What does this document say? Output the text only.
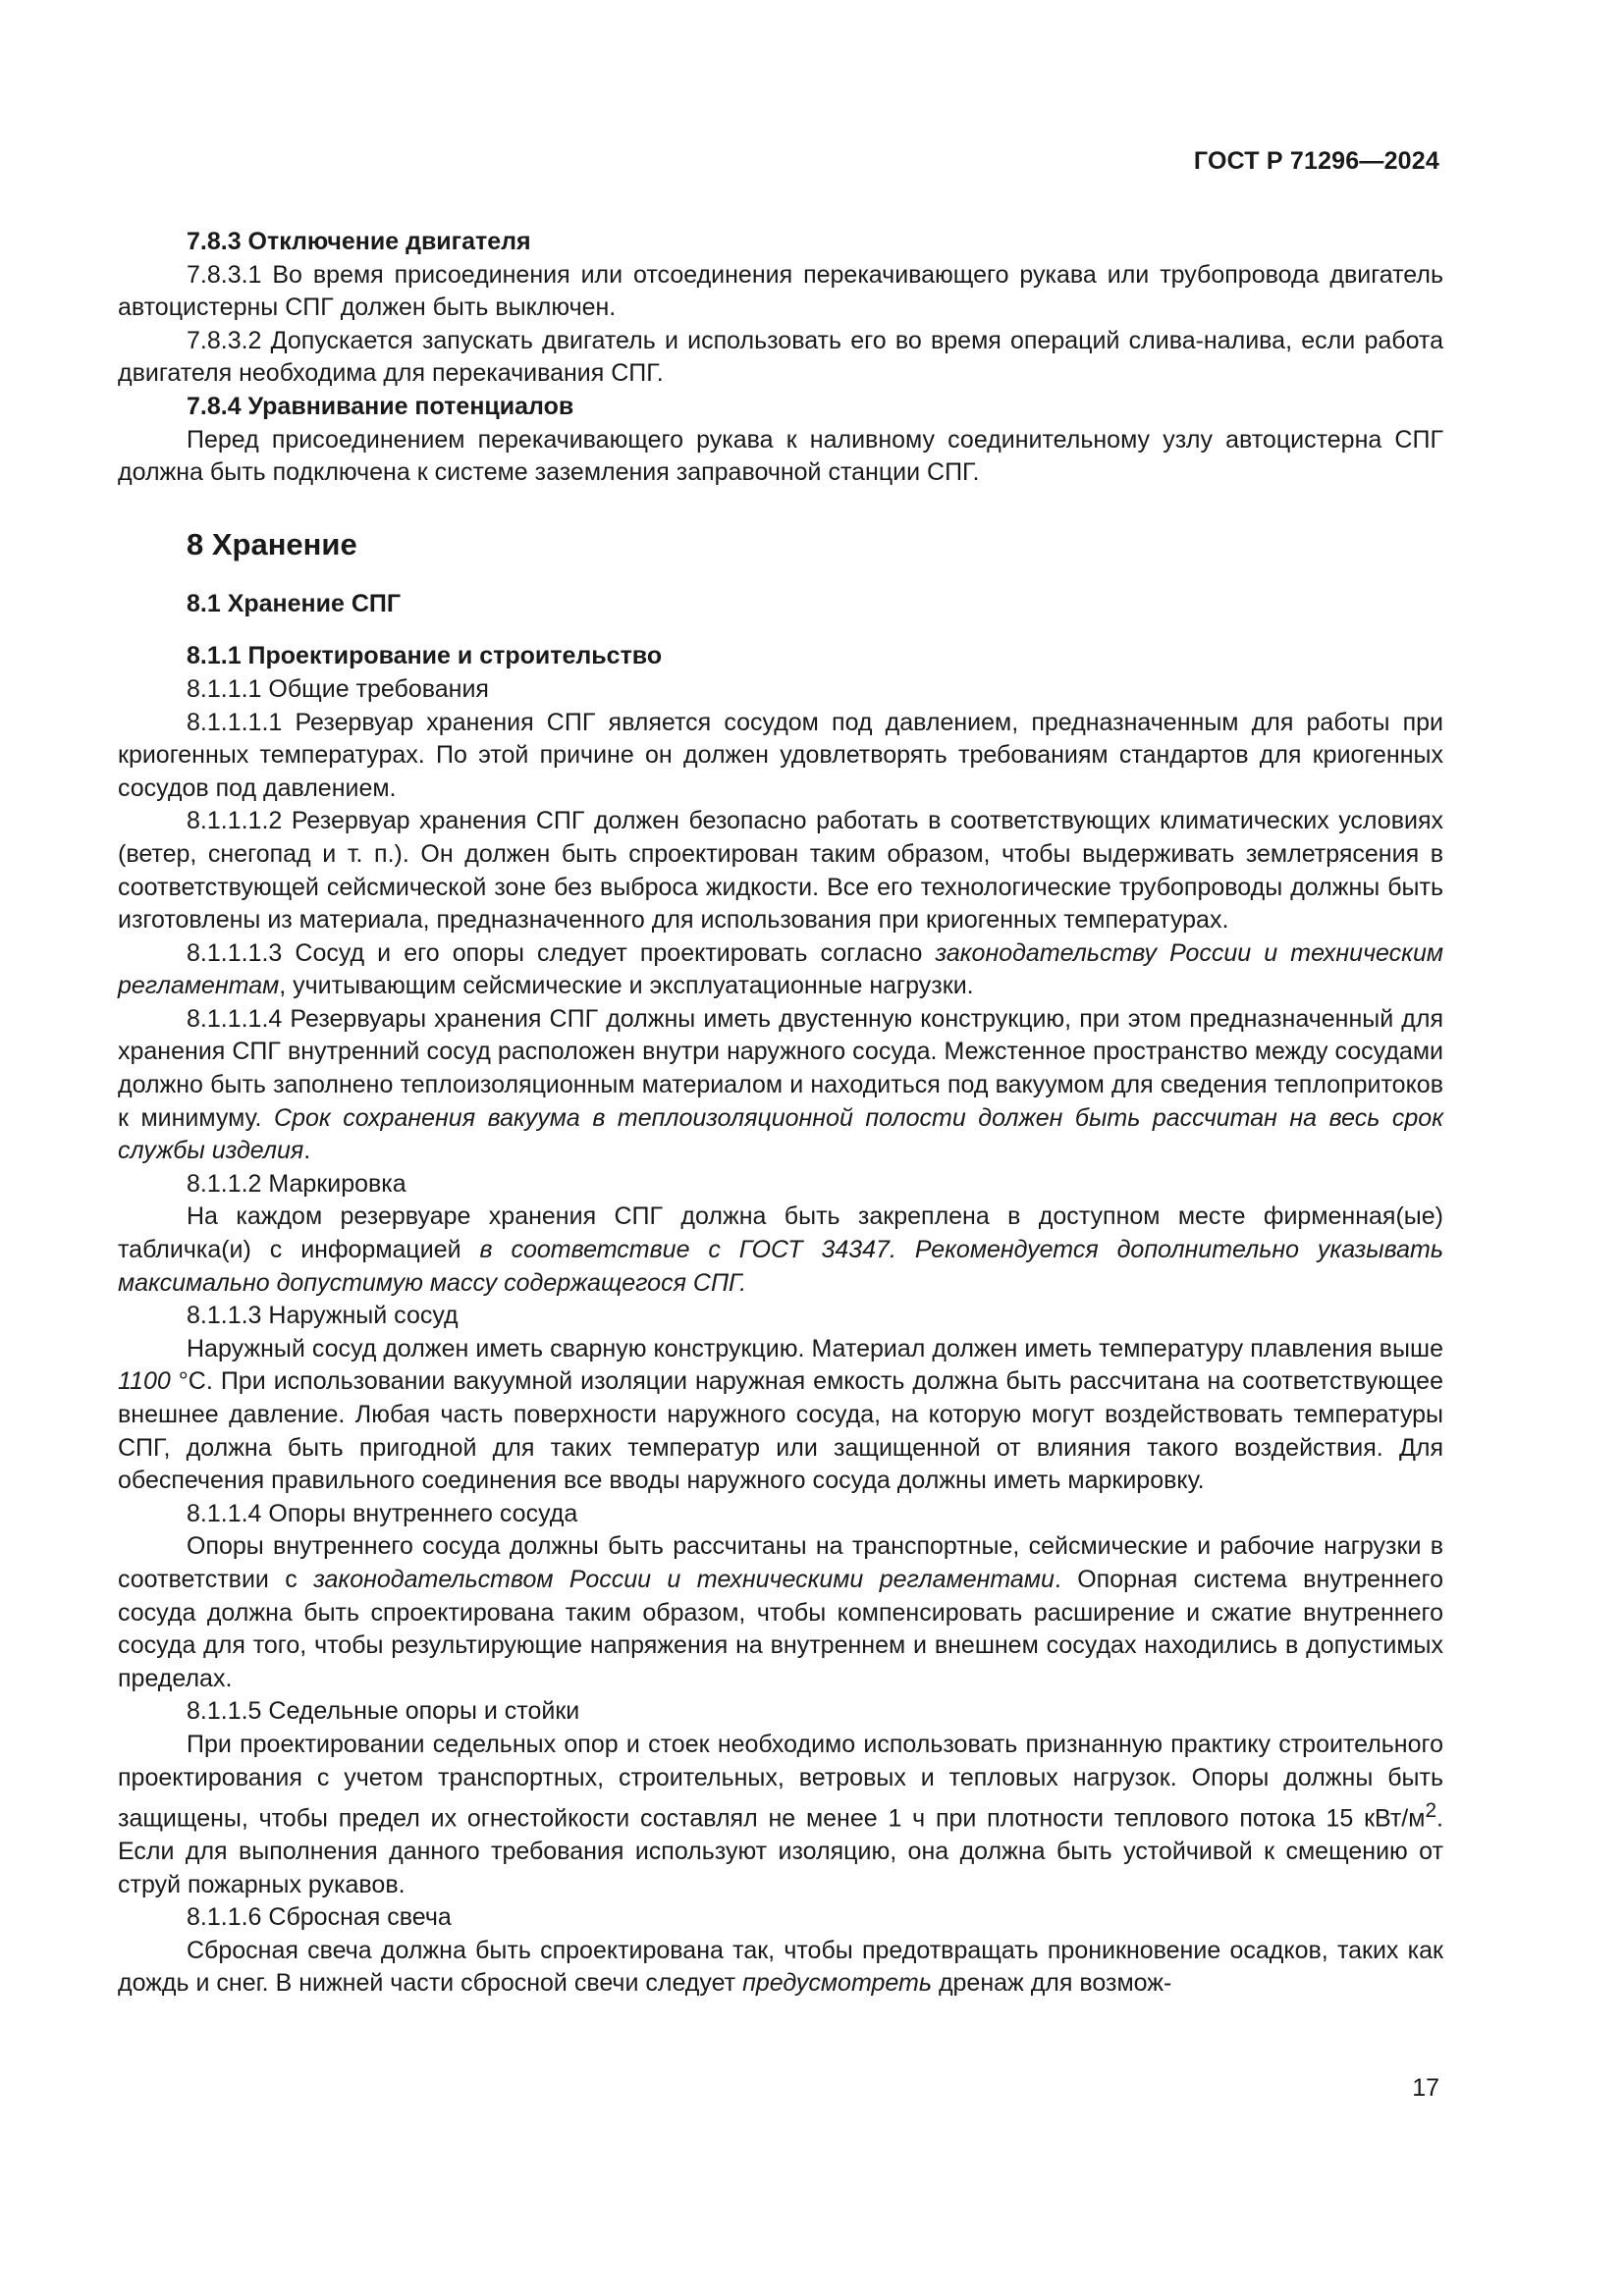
ГОСТ Р 71296—2024

7.8.3 Отключение двигателя

7.8.3.1 Во время присоединения или отсоединения перекачивающего рукава или трубопровода двигатель автоцистерны СПГ должен быть выключен.

7.8.3.2 Допускается запускать двигатель и использовать его во время операций слива-налива, если работа двигателя необходима для перекачивания СПГ.

7.8.4 Уравнивание потенциалов

Перед присоединением перекачивающего рукава к наливному соединительному узлу автоцистерна СПГ должна быть подключена к системе заземления заправочной станции СПГ.

8 Хранение

8.1 Хранение СПГ

8.1.1 Проектирование и строительство

8.1.1.1 Общие требования

8.1.1.1.1 Резервуар хранения СПГ является сосудом под давлением, предназначенным для работы при криогенных температурах. По этой причине он должен удовлетворять требованиям стандартов для криогенных сосудов под давлением.

8.1.1.1.2 Резервуар хранения СПГ должен безопасно работать в соответствующих климатических условиях (ветер, снегопад и т. п.). Он должен быть спроектирован таким образом, чтобы выдерживать землетрясения в соответствующей сейсмической зоне без выброса жидкости. Все его технологические трубопроводы должны быть изготовлены из материала, предназначенного для использования при криогенных температурах.

8.1.1.1.3 Сосуд и его опоры следует проектировать согласно законодательству России и техническим регламентам, учитывающим сейсмические и эксплуатационные нагрузки.

8.1.1.1.4 Резервуары хранения СПГ должны иметь двустенную конструкцию, при этом предназначенный для хранения СПГ внутренний сосуд расположен внутри наружного сосуда. Межстенное пространство между сосудами должно быть заполнено теплоизоляционным материалом и находиться под вакуумом для сведения теплопритоков к минимуму. Срок сохранения вакуума в теплоизоляционной полости должен быть рассчитан на весь срок службы изделия.

8.1.1.2 Маркировка

На каждом резервуаре хранения СПГ должна быть закреплена в доступном месте фирменная(ые) табличка(и) с информацией в соответствие с ГОСТ 34347. Рекомендуется дополнительно указывать максимально допустимую массу содержащегося СПГ.

8.1.1.3 Наружный сосуд

Наружный сосуд должен иметь сварную конструкцию. Материал должен иметь температуру плавления выше 1100 °C. При использовании вакуумной изоляции наружная емкость должна быть рассчитана на соответствующее внешнее давление. Любая часть поверхности наружного сосуда, на которую могут воздействовать температуры СПГ, должна быть пригодной для таких температур или защищенной от влияния такого воздействия. Для обеспечения правильного соединения все вводы наружного сосуда должны иметь маркировку.

8.1.1.4 Опоры внутреннего сосуда

Опоры внутреннего сосуда должны быть рассчитаны на транспортные, сейсмические и рабочие нагрузки в соответствии с законодательством России и техническими регламентами. Опорная система внутреннего сосуда должна быть спроектирована таким образом, чтобы компенсировать расширение и сжатие внутреннего сосуда для того, чтобы результирующие напряжения на внутреннем и внешнем сосудах находились в допустимых пределах.

8.1.1.5 Седельные опоры и стойки

При проектировании седельных опор и стоек необходимо использовать признанную практику строительного проектирования с учетом транспортных, строительных, ветровых и тепловых нагрузок. Опоры должны быть защищены, чтобы предел их огнестойкости составлял не менее 1 ч при плотности теплового потока 15 кВт/$м^2$. Если для выполнения данного требования используют изоляцию, она должна быть устойчивой к смещению от струй пожарных рукавов.

8.1.1.6 Сбросная свеча

Сбросная свеча должна быть спроектирована так, чтобы предотвращать проникновение осадков, таких как дождь и снег. В нижней части сбросной свечи следует предусмотреть дренаж для возмож-

17
